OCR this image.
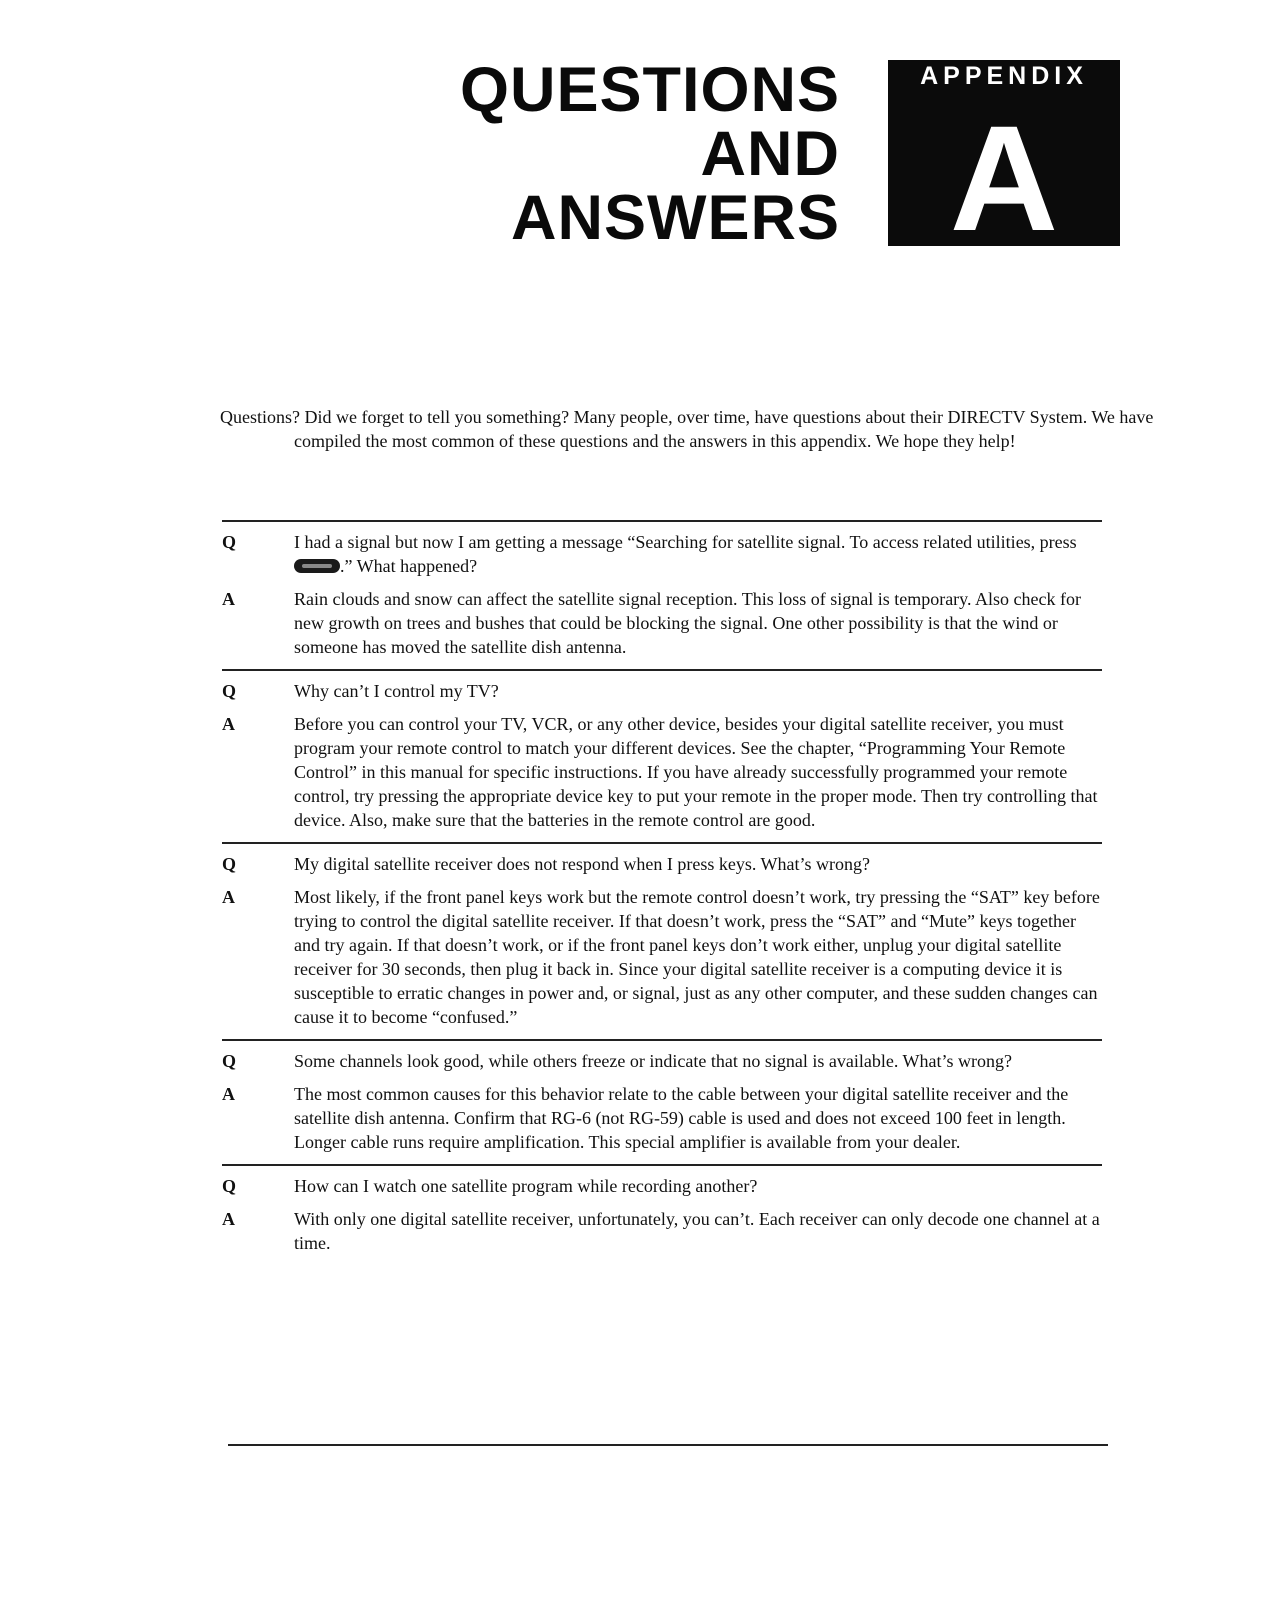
QUESTIONS
AND
ANSWERS
APPENDIX
A
Questions? Did we forget to tell you something? Many people, over time, have questions about their DIRECTV System. We have compiled the most common of these questions and the answers in this appendix. We hope they help!
Q	I had a signal but now I am getting a message “Searching for satellite signal. To access related utilities, press .” What happened?
A	Rain clouds and snow can affect the satellite signal reception. This loss of signal is temporary. Also check for new growth on trees and bushes that could be blocking the signal. One other possibility is that the wind or someone has moved the satellite dish antenna.
Q	Why can’t I control my TV?
A	Before you can control your TV, VCR, or any other device, besides your digital satellite receiver, you must program your remote control to match your different devices. See the chapter, “Programming Your Remote Control” in this manual for specific instructions. If you have already successfully programmed your remote control, try pressing the appropriate device key to put your remote in the proper mode. Then try controlling that device. Also, make sure that the batteries in the remote control are good.
Q	My digital satellite receiver does not respond when I press keys. What’s wrong?
A	Most likely, if the front panel keys work but the remote control doesn’t work, try pressing the “SAT” key before trying to control the digital satellite receiver. If that doesn’t work, press the “SAT” and “Mute” keys together and try again. If that doesn’t work, or if the front panel keys don’t work either, unplug your digital satellite receiver for 30 seconds, then plug it back in. Since your digital satellite receiver is a computing device it is susceptible to erratic changes in power and, or signal, just as any other computer, and these sudden changes can cause it to become “confused.”
Q	Some channels look good, while others freeze or indicate that no signal is available. What’s wrong?
A	The most common causes for this behavior relate to the cable between your digital satellite receiver and the satellite dish antenna. Confirm that RG-6 (not RG-59) cable is used and does not exceed 100 feet in length. Longer cable runs require amplification. This special amplifier is available from your dealer.
Q	How can I watch one satellite program while recording another?
A	With only one digital satellite receiver, unfortunately, you can’t. Each receiver can only decode one channel at a time.
